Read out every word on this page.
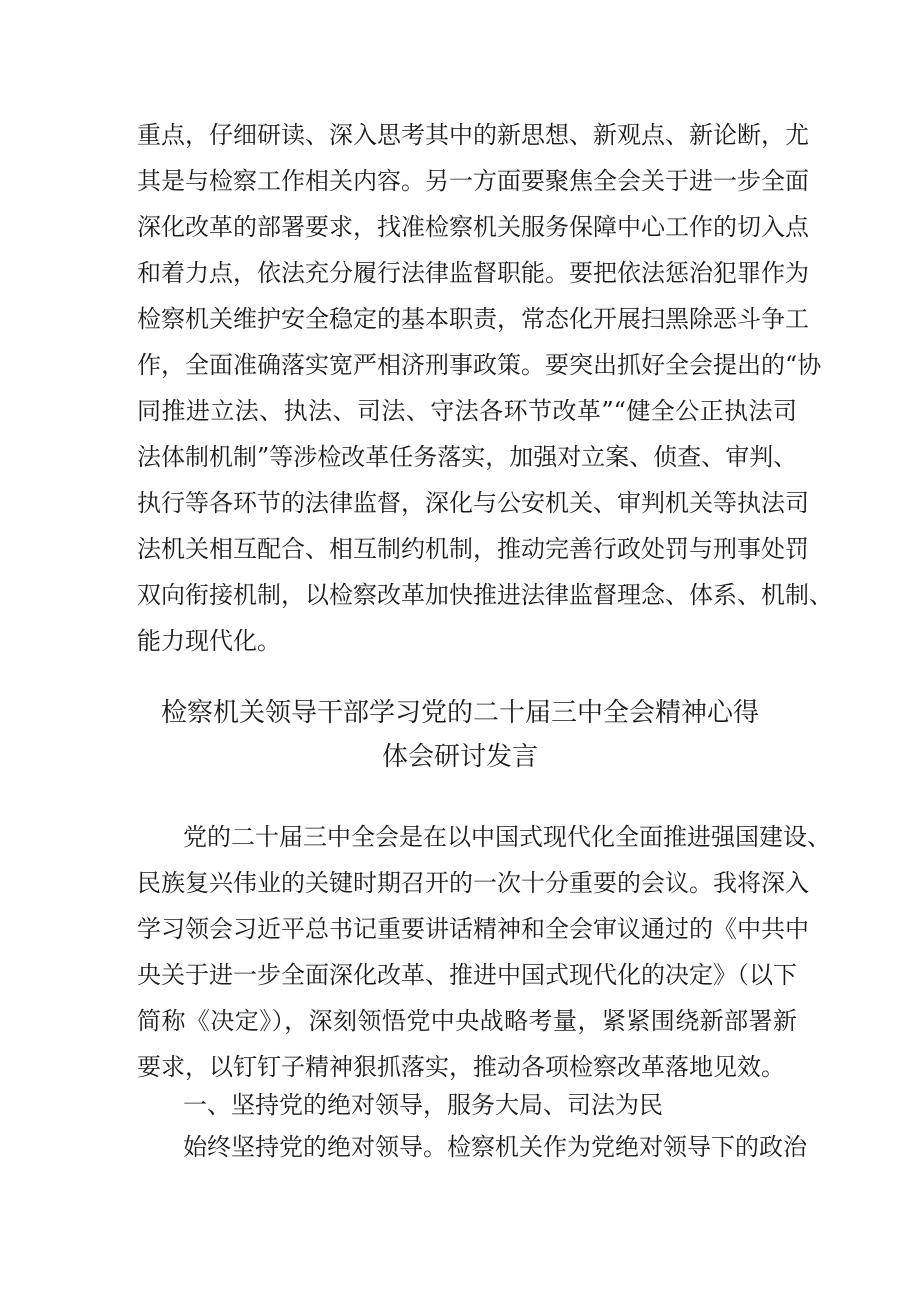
重点，仔细研读、深入思考其中的新思想、新观点、新论断，尤
其是与检察工作相关内容。另一方面要聚焦全会关于进一步全面
深化改革的部署要求，找准检察机关服务保障中心工作的切入点
和着力点，依法充分履行法律监督职能。要把依法惩治犯罪作为
检察机关维护安全稳定的基本职责，常态化开展扫黑除恶斗争工
作，全面准确落实宽严相济刑事政策。要突出抓好全会提出的“协
同推进立法、执法、司法、守法各环节改革”“健全公正执法司
法体制机制”等涉检改革任务落实，加强对立案、侦查、审判、
执行等各环节的法律监督，深化与公安机关、审判机关等执法司
法机关相互配合、相互制约机制，推动完善行政处罚与刑事处罚
双向衔接机制，以检察改革加快推进法律监督理念、体系、机制、
能力现代化。
检察机关领导干部学习党的二十届三中全会精神心得
体会研讨发言
党的二十届三中全会是在以中国式现代化全面推进强国建设、
民族复兴伟业的关键时期召开的一次十分重要的会议。我将深入
学习领会习近平总书记重要讲话精神和全会审议通过的《中共中
央关于进一步全面深化改革、推进中国式现代化的决定》（以下
简称《决定》），深刻领悟党中央战略考量，紧紧围绕新部署新
要求，以钉钉子精神狠抓落实，推动各项检察改革落地见效。
一、坚持党的绝对领导，服务大局、司法为民
始终坚持党的绝对领导。检察机关作为党绝对领导下的政治
